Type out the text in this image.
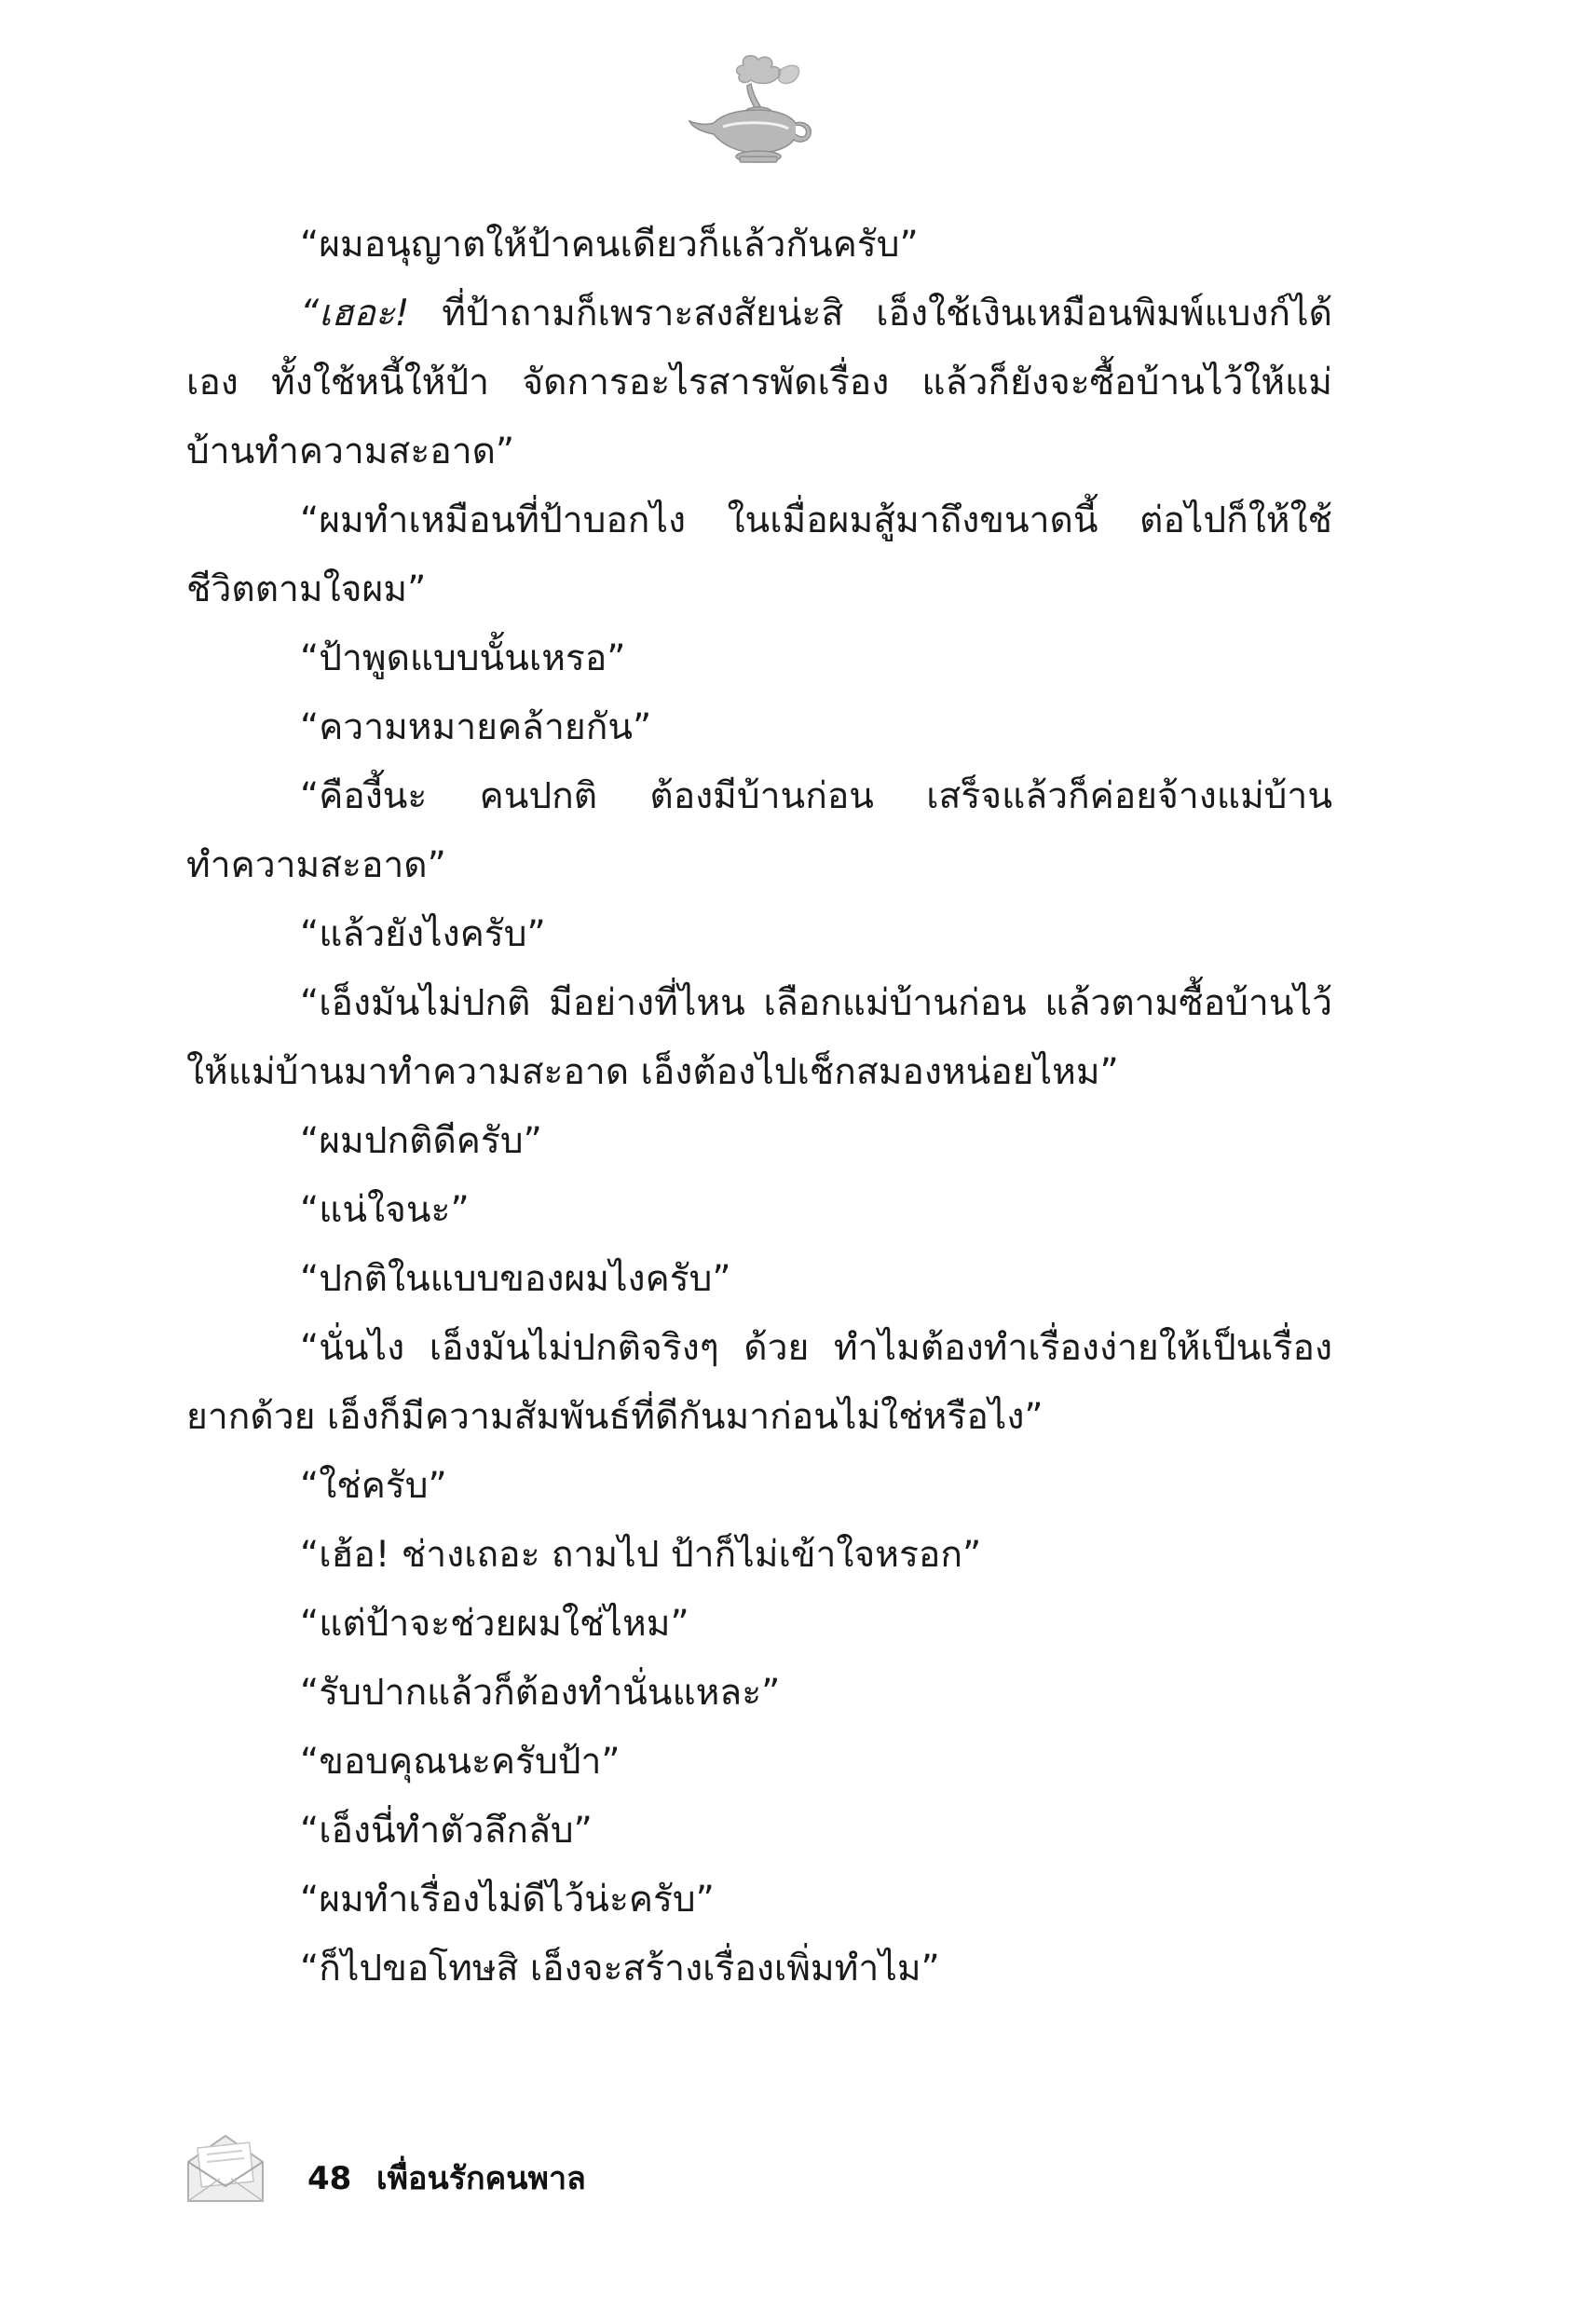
“ผมอนุญาตให้ป้าคนเดียวก็แล้วกันครับ”

“เฮอะ! ที่ป้าถามก็เพราะสงสัยน่ะสิ เอ็งใช้เงินเหมือนพิมพ์แบงก์ได้เอง ทั้งใช้หนี้ให้ป้า จัดการอะไรสารพัดเรื่อง แล้วก็ยังจะซื้อบ้านไว้ให้แม่บ้านทำความสะอาด”

“ผมทำเหมือนที่ป้าบอกไง ในเมื่อผมสู้มาถึงขนาดนี้ ต่อไปก็ให้ใช้ชีวิตตามใจผม”

“ป้าพูดแบบนั้นเหรอ”

“ความหมายคล้ายกัน”

“คืองี้นะ คนปกติ ต้องมีบ้านก่อน เสร็จแล้วก็ค่อยจ้างแม่บ้านทำความสะอาด”

“แล้วยังไงครับ”

“เอ็งมันไม่ปกติ มีอย่างที่ไหน เลือกแม่บ้านก่อน แล้วตามซื้อบ้านไว้ให้แม่บ้านมาทำความสะอาด เอ็งต้องไปเช็กสมองหน่อยไหม”

“ผมปกติดีครับ”

“แน่ใจนะ”

“ปกติในแบบของผมไงครับ”

“นั่นไง เอ็งมันไม่ปกติจริงๆ ด้วย ทำไมต้องทำเรื่องง่ายให้เป็นเรื่องยากด้วย เอ็งก็มีความสัมพันธ์ที่ดีกันมาก่อนไม่ใช่หรือไง”

“ใช่ครับ”

“เฮ้อ! ช่างเถอะ ถามไป ป้าก็ไม่เข้าใจหรอก”

“แต่ป้าจะช่วยผมใช่ไหม”

“รับปากแล้วก็ต้องทำนั่นแหละ”

“ขอบคุณนะครับป้า”

“เอ็งนี่ทำตัวลึกลับ”

“ผมทำเรื่องไม่ดีไว้น่ะครับ”

“ก็ไปขอโทษสิ เอ็งจะสร้างเรื่องเพิ่มทำไม”

48 เพื่อนรักคนพาล
